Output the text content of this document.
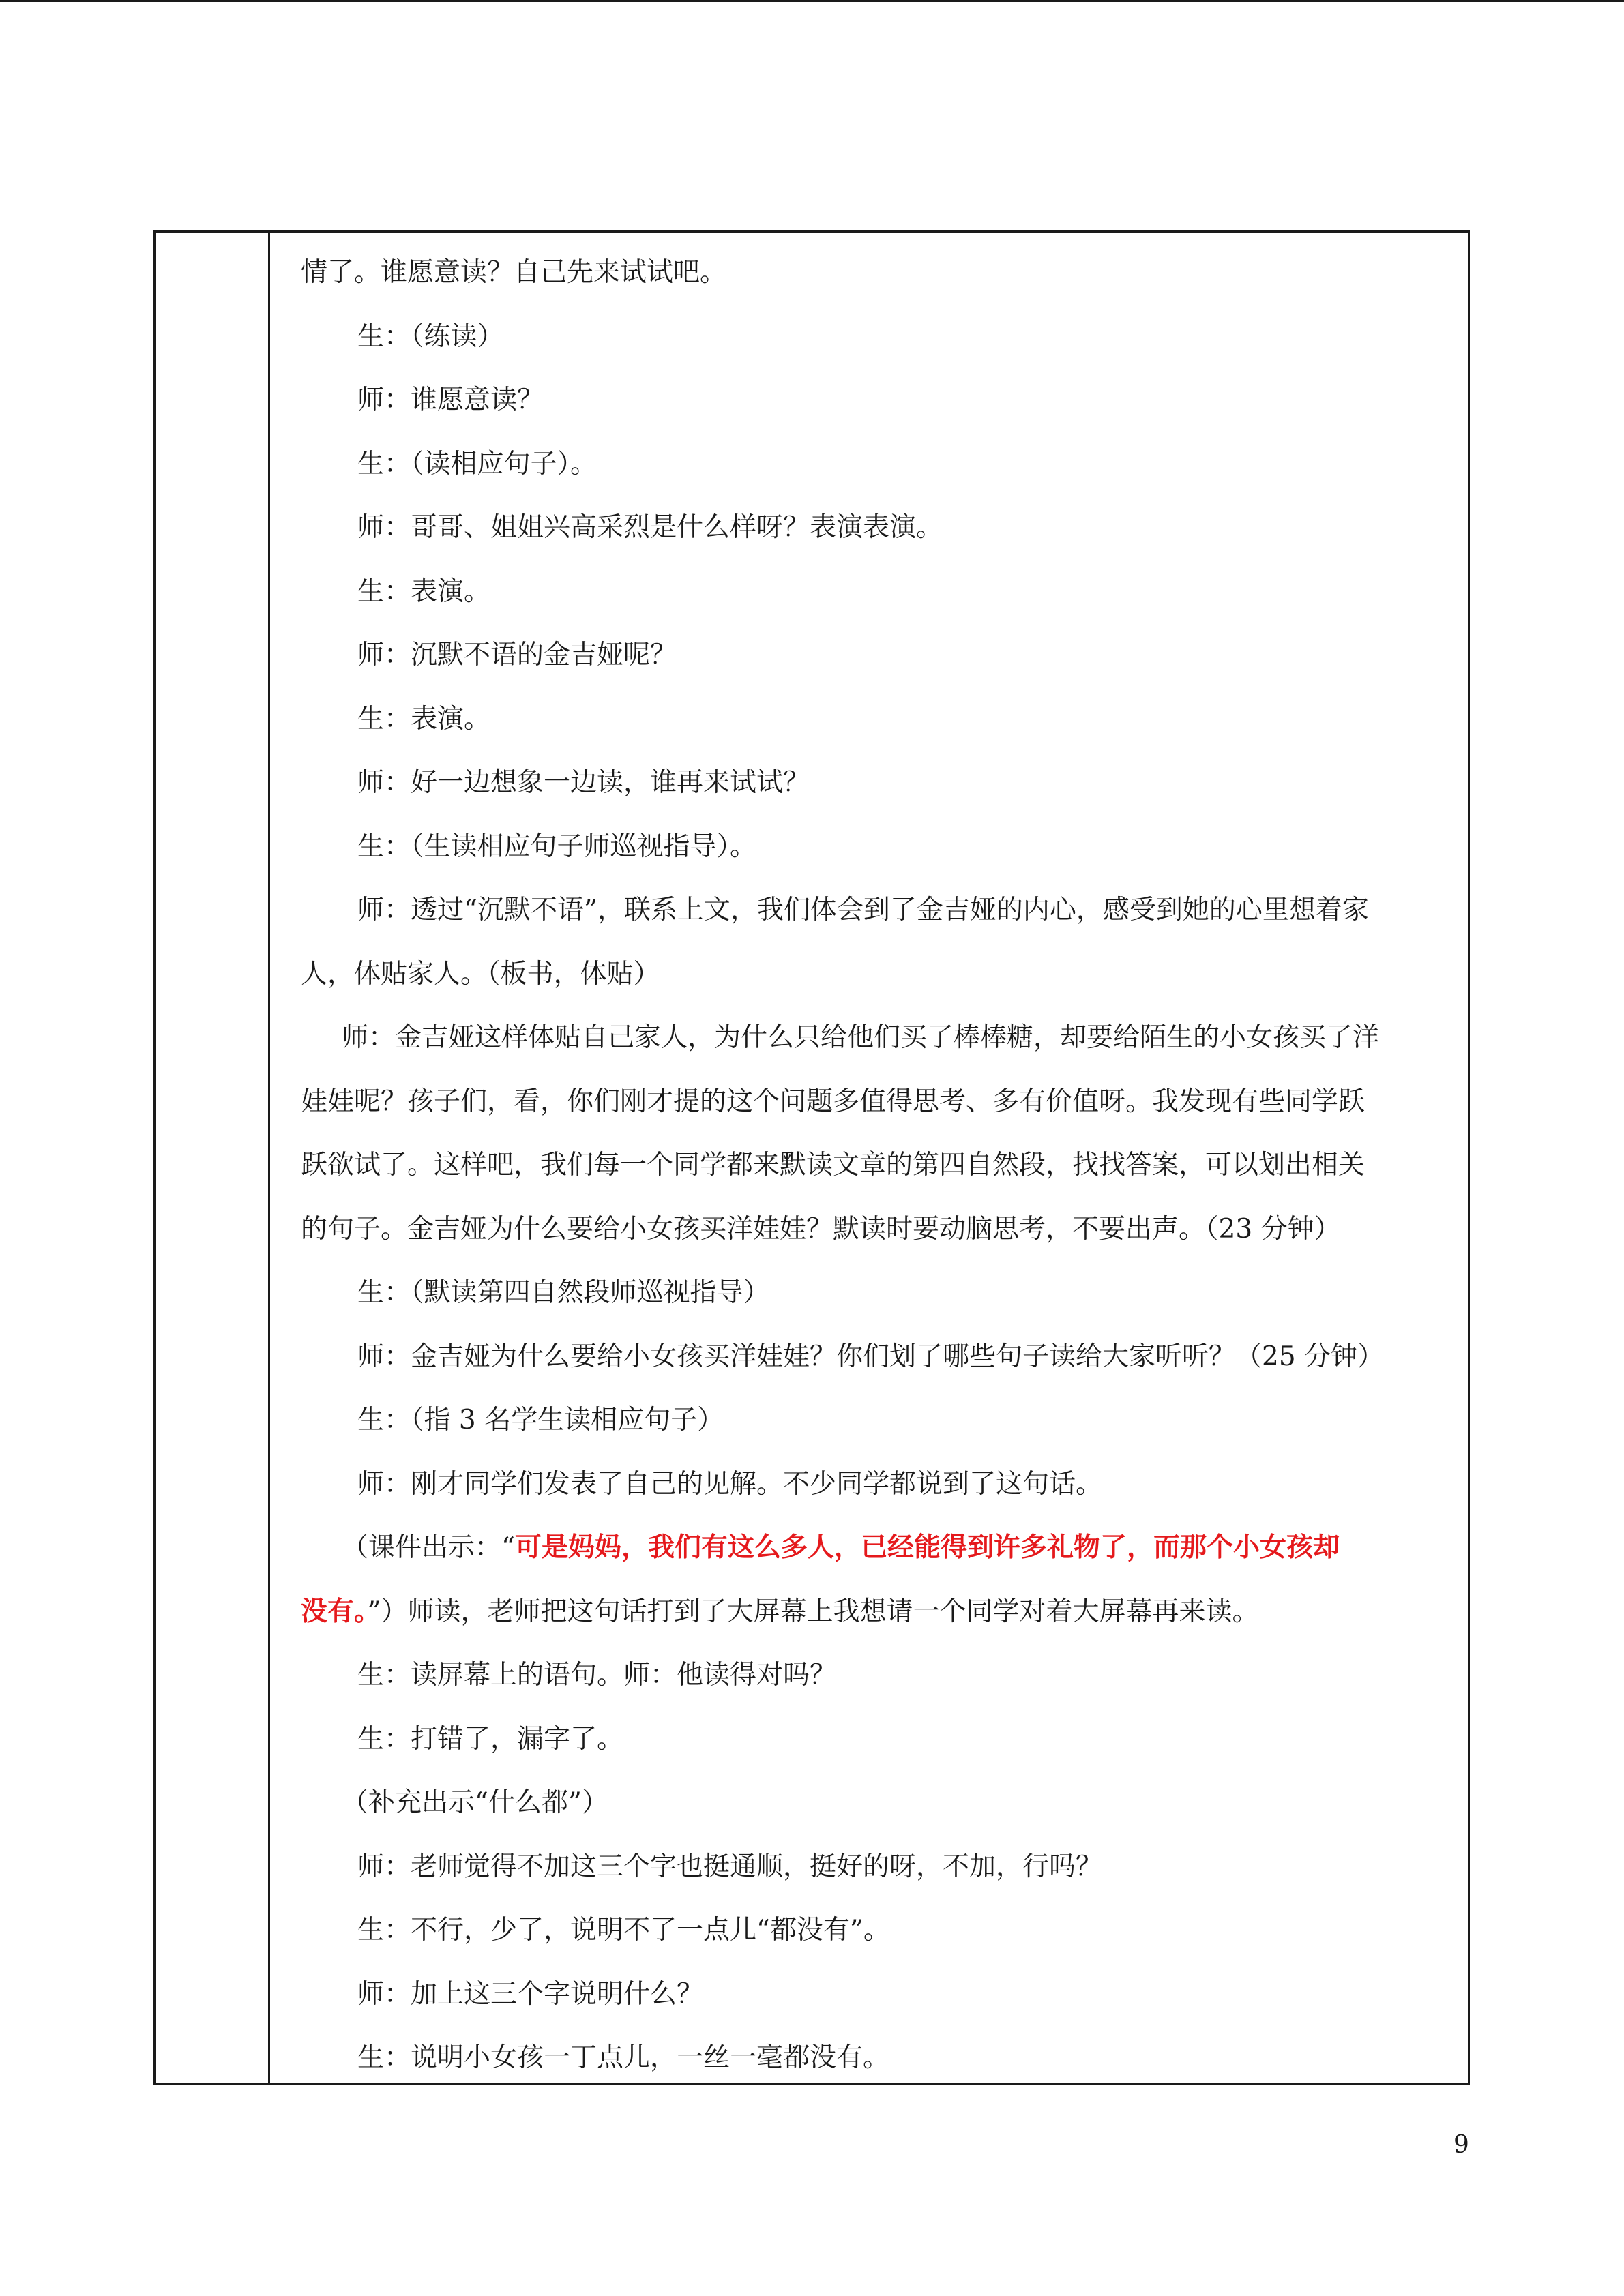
情了。谁愿意读？自己先来试试吧。
生：（练读）
师：谁愿意读？
生：（读相应句子）。
师：哥哥、姐姐兴高采烈是什么样呀？表演表演。
生：表演。
师：沉默不语的金吉娅呢？
生：表演。
师：好一边想象一边读，谁再来试试？
生：（生读相应句子师巡视指导）。
师：透过“沉默不语”，联系上文，我们体会到了金吉娅的内心，感受到她的心里想着家
人，体贴家人。（板书，体贴）
师：金吉娅这样体贴自己家人，为什么只给他们买了棒棒糖，却要给陌生的小女孩买了洋
娃娃呢？孩子们，看，你们刚才提的这个问题多值得思考、多有价值呀。我发现有些同学跃
跃欲试了。这样吧，我们每一个同学都来默读文章的第四自然段，找找答案，可以划出相关
的句子。金吉娅为什么要给小女孩买洋娃娃？默读时要动脑思考，不要出声。（23 分钟）
生：（默读第四自然段师巡视指导）
师：金吉娅为什么要给小女孩买洋娃娃？你们划了哪些句子读给大家听听？（25 分钟）
生：（指 3 名学生读相应句子）
师：刚才同学们发表了自己的见解。不少同学都说到了这句话。
（课件出示：“可是妈妈，我们有这么多人，已经能得到许多礼物了，而那个小女孩却
没有。”）师读，老师把这句话打到了大屏幕上我想请一个同学对着大屏幕再来读。
生：读屏幕上的语句。师：他读得对吗？
生：打错了，漏字了。
（补充出示“什么都”）
师：老师觉得不加这三个字也挺通顺，挺好的呀，不加，行吗？
生：不行，少了，说明不了一点儿“都没有”。
师：加上这三个字说明什么？
生：说明小女孩一丁点儿，一丝一毫都没有。
9
